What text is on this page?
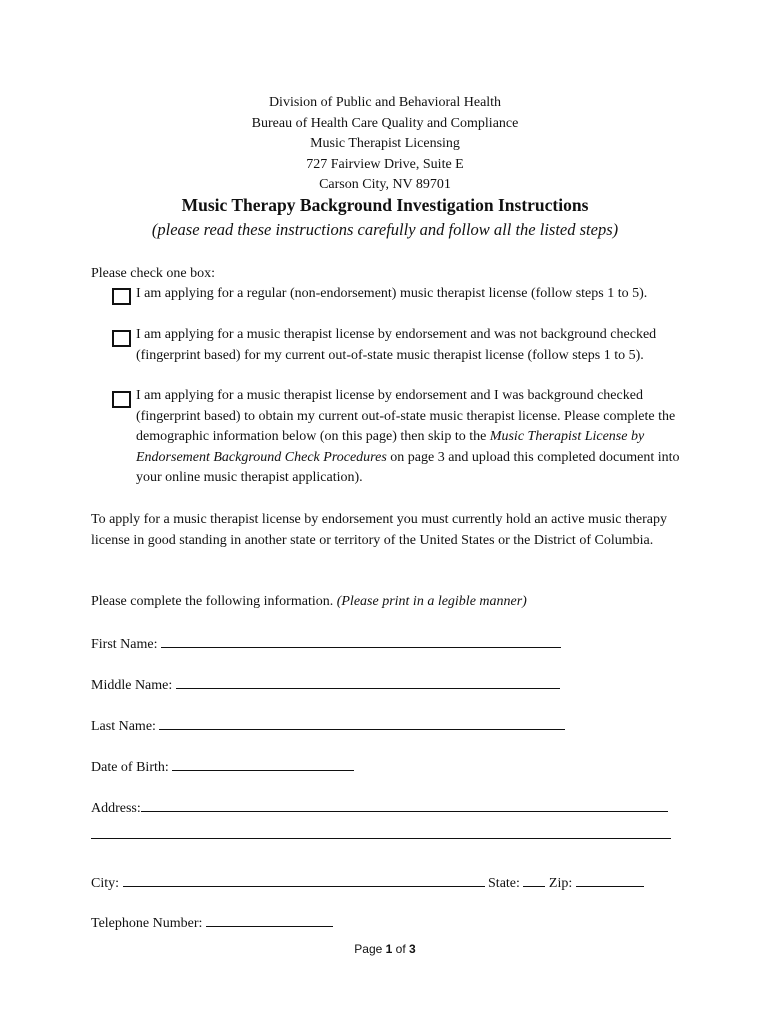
Division of Public and Behavioral Health
Bureau of Health Care Quality and Compliance
Music Therapist Licensing
727 Fairview Drive, Suite E
Carson City, NV 89701
Music Therapy Background Investigation Instructions
(please read these instructions carefully and follow all the listed steps)
Please check one box:
I am applying for a regular (non-endorsement) music therapist license (follow steps 1 to 5).
I am applying for a music therapist license by endorsement and was not background checked (fingerprint based) for my current out-of-state music therapist license (follow steps 1 to 5).
I am applying for a music therapist license by endorsement and I was background checked (fingerprint based) to obtain my current out-of-state music therapist license. Please complete the demographic information below (on this page) then skip to the Music Therapist License by Endorsement Background Check Procedures on page 3 and upload this completed document into your online music therapist application).
To apply for a music therapist license by endorsement you must currently hold an active music therapy license in good standing in another state or territory of the United States or the District of Columbia.
Please complete the following information. (Please print in a legible manner)
First Name:
Middle Name:
Last Name:
Date of Birth:
Address:
City:	State: Zip:
Telephone Number:
Page 1 of 3
